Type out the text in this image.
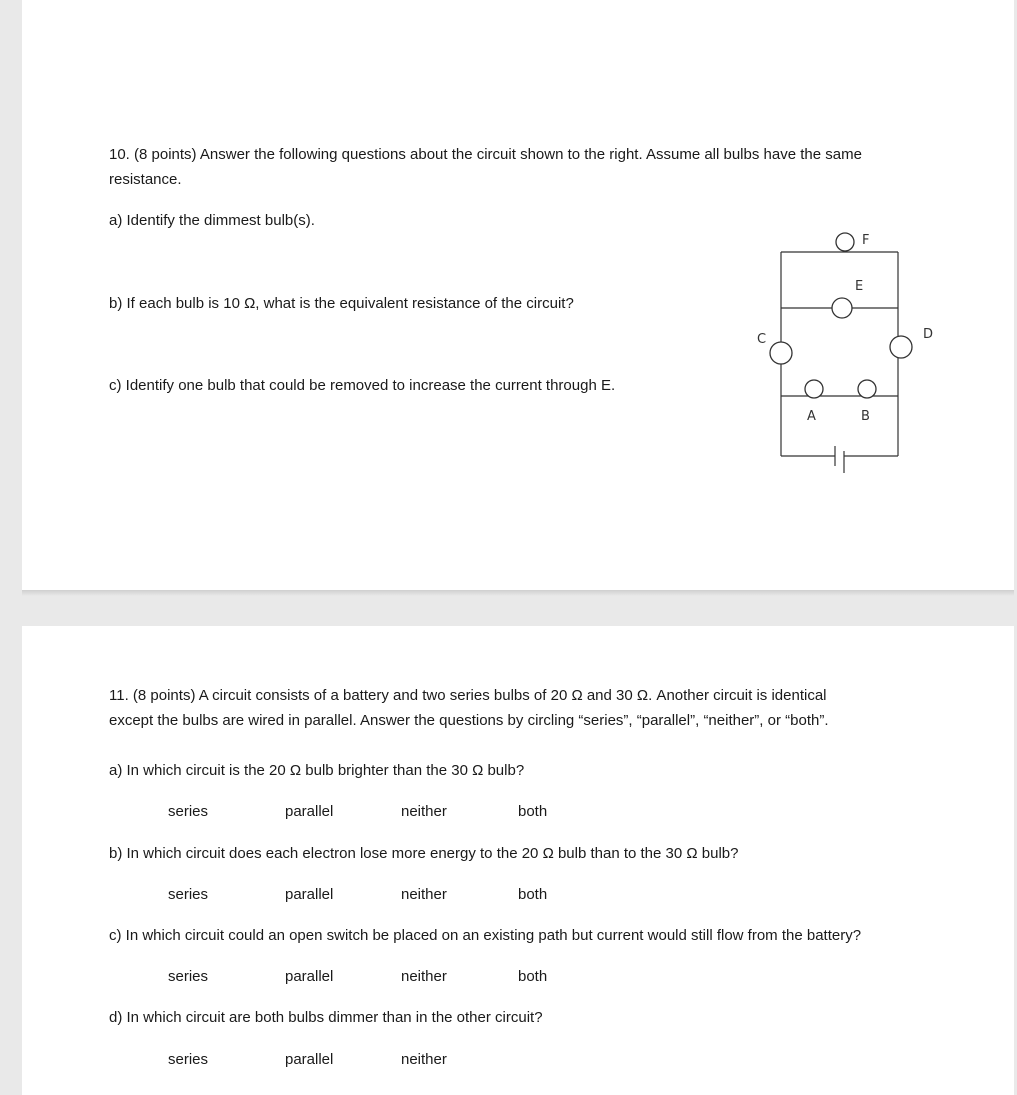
10. (8 points) Answer the following questions about the circuit shown to the right. Assume all bulbs have the same
resistance.
a) Identify the dimmest bulb(s).
b) If each bulb is 10 Ω, what is the equivalent resistance of the circuit?
c) Identify one bulb that could be removed to increase the current through E.
F
E
C	D
A	B
11. (8 points) A circuit consists of a battery and two series bulbs of 20 Ω and 30 Ω. Another circuit is identical
except the bulbs are wired in parallel. Answer the questions by circling “series”, “parallel”, “neither”, or “both”.
a) In which circuit is the 20 Ω bulb brighter than the 30 Ω bulb?
series	parallel	neither	both
b) In which circuit does each electron lose more energy to the 20 Ω bulb than to the 30 Ω bulb?
series	parallel	neither	both
c) In which circuit could an open switch be placed on an existing path but current would still flow from the battery?
series	parallel	neither	both
d) In which circuit are both bulbs dimmer than in the other circuit?
series	parallel	neither
